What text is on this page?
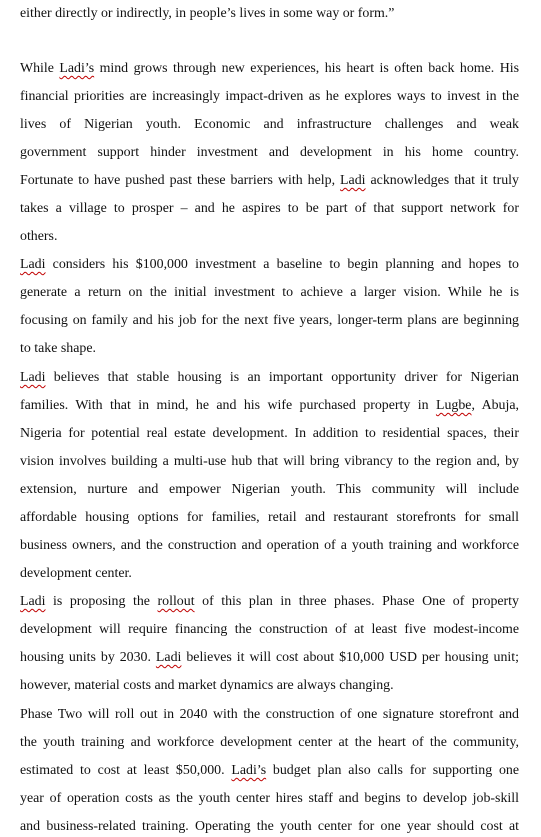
either directly or indirectly, in people’s lives in some way or form.”
While Ladi’s mind grows through new experiences, his heart is often back home. His
financial priorities are increasingly impact-driven as he explores ways to invest in the
lives of Nigerian youth. Economic and infrastructure challenges and weak
government support hinder investment and development in his home country.
Fortunate to have pushed past these barriers with help, Ladi acknowledges that it truly
takes a village to prosper – and he aspires to be part of that support network for
others.
Ladi considers his $100,000 investment a baseline to begin planning and hopes to
generate a return on the initial investment to achieve a larger vision. While he is
focusing on family and his job for the next five years, longer-term plans are beginning
to take shape.
Ladi believes that stable housing is an important opportunity driver for Nigerian
families. With that in mind, he and his wife purchased property in Lugbe, Abuja,
Nigeria for potential real estate development. In addition to residential spaces, their
vision involves building a multi-use hub that will bring vibrancy to the region and, by
extension, nurture and empower Nigerian youth. This community will include
affordable housing options for families, retail and restaurant storefronts for small
business owners, and the construction and operation of a youth training and workforce
development center.
Ladi is proposing the rollout of this plan in three phases. Phase One of property
development will require financing the construction of at least five modest-income
housing units by 2030. Ladi believes it will cost about $10,000 USD per housing unit;
however, material costs and market dynamics are always changing.
Phase Two will roll out in 2040 with the construction of one signature storefront and
the youth training and workforce development center at the heart of the community,
estimated to cost at least $50,000. Ladi’s budget plan also calls for supporting one
year of operation costs as the youth center hires staff and begins to develop job-skill
and business-related training. Operating the youth center for one year should cost at
